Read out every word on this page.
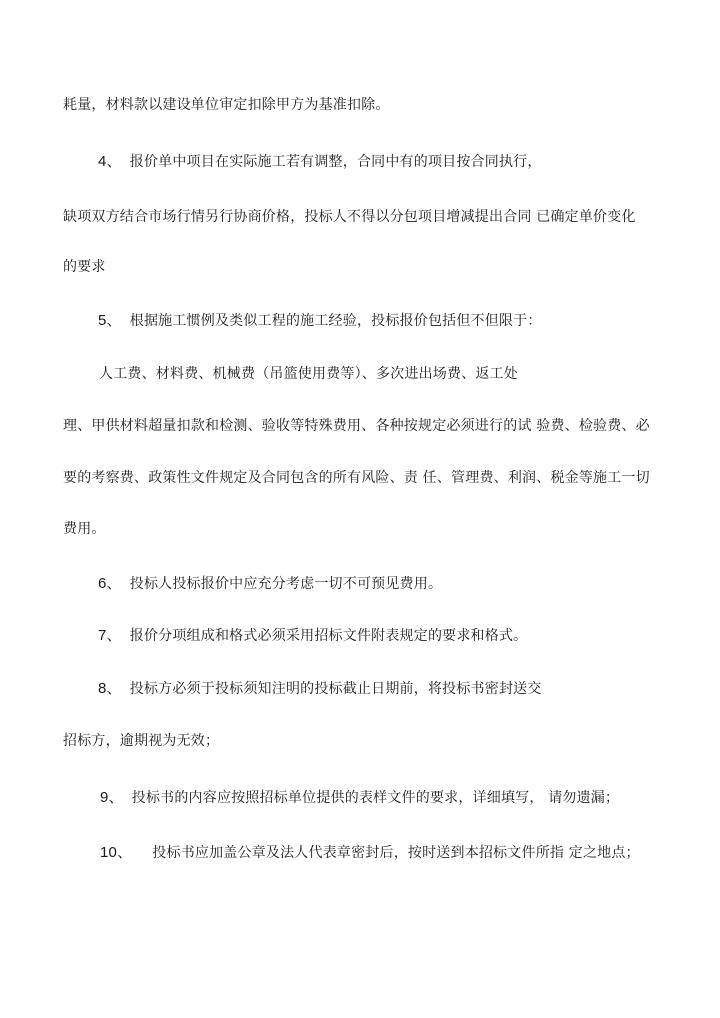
耗量，材料款以建设单位审定扣除甲方为基准扣除。
4、 报价单中项目在实际施工若有调整，合同中有的项目按合同执行，
缺项双方结合市场行情另行协商价格，投标人不得以分包项目增减提出合同 已确定单价变化
的要求
5、 根据施工惯例及类似工程的施工经验，投标报价包括但不但限于：
人工费、材料费、机械费（吊篮使用费等）、多次进出场费、返工处
理、甲供材料超量扣款和检测、验收等特殊费用、各种按规定必须进行的试 验费、检验费、必
要的考察费、政策性文件规定及合同包含的所有风险、责 任、管理费、利润、税金等施工一切
费用。
6、 投标人投标报价中应充分考虑一切不可预见费用。
7、 报价分项组成和格式必须采用招标文件附表规定的要求和格式。
8、 投标方必须于投标须知注明的投标截止日期前，将投标书密封送交
招标方，逾期视为无效；
9、 投标书的内容应按照招标单位提供的表样文件的要求，详细填写， 请勿遗漏；
10、 投标书应加盖公章及法人代表章密封后，按时送到本招标文件所指 定之地点；
